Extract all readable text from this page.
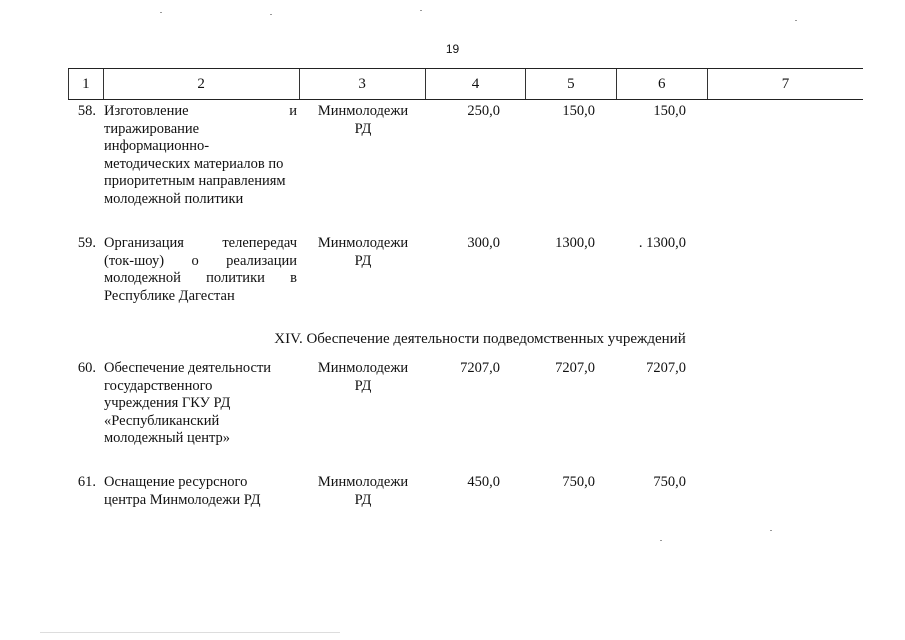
19
1	2	3	4	5	6	7
58. Изготовление	и
тиражирование
информационно-
методических материалов по
приоритетным направлениям
молодежной политики
Минмолодежи
РД
250,0	150,0	150,0
59. Организация	телепередач
(ток-шоу) о реализации
молодежной политики в
Республике Дагестан
Минмолодежи
РД
300,0	1300,0	. 1300,0
XIV. Обеспечение деятельности подведомственных учреждений
60. Обеспечение деятельности
государственного
учреждения ГКУ РД
«Республиканский
молодежный центр»
Минмолодежи
РД
7207,0	7207,0	7207,0
61. Оснащение ресурсного
центра Минмолодежи РД
Минмолодежи
РД
450,0	750,0	750,0
